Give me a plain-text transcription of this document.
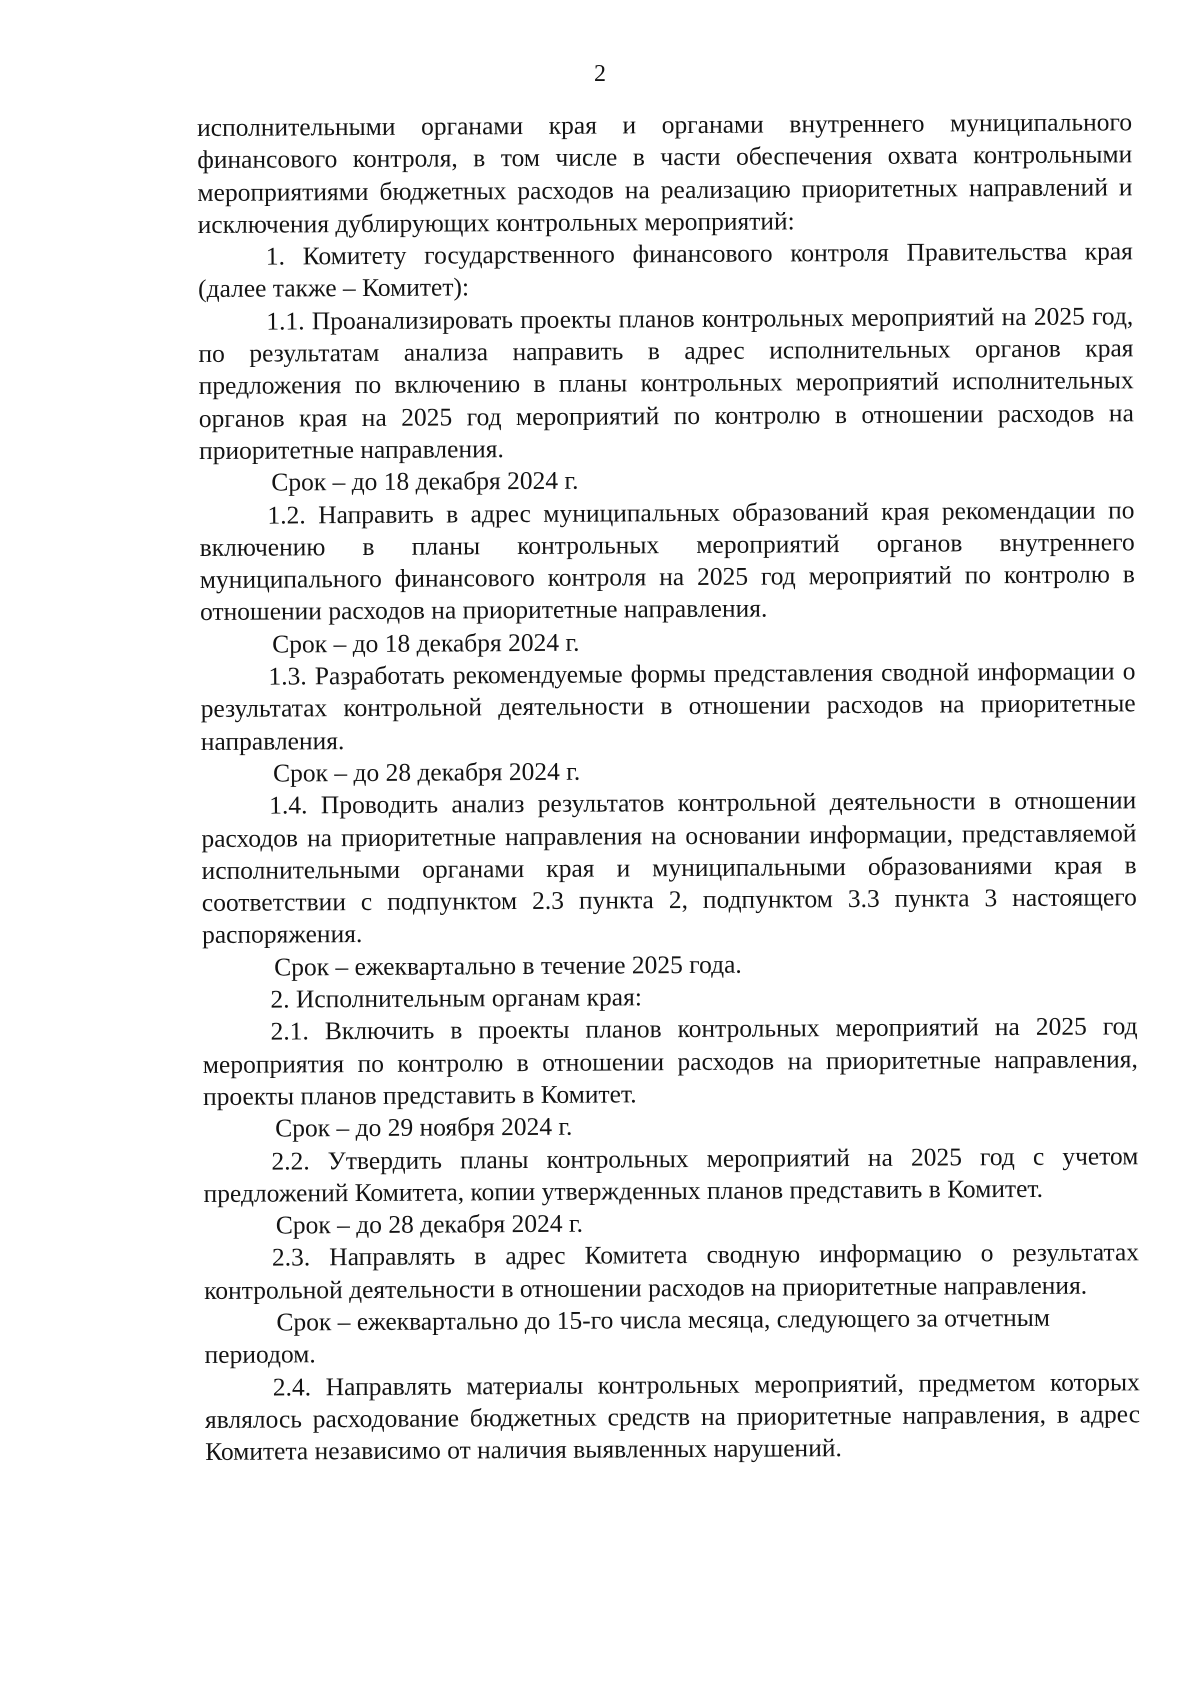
2

исполнительными органами края и органами внутреннего муниципального финансового контроля, в том числе в части обеспечения охвата контрольными мероприятиями бюджетных расходов на реализацию приоритетных направлений и исключения дублирующих контрольных мероприятий:

1. Комитету государственного финансового контроля Правительства края (далее также – Комитет):

1.1. Проанализировать проекты планов контрольных мероприятий на 2025 год, по результатам анализа направить в адрес исполнительных органов края предложения по включению в планы контрольных мероприятий исполнительных органов края на 2025 год мероприятий по контролю в отношении расходов на приоритетные направления.

Срок – до 18 декабря 2024 г.

1.2. Направить в адрес муниципальных образований края рекомендации по включению в планы контрольных мероприятий органов внутреннего муниципального финансового контроля на 2025 год мероприятий по контролю в отношении расходов на приоритетные направления.

Срок – до 18 декабря 2024 г.

1.3. Разработать рекомендуемые формы представления сводной информации о результатах контрольной деятельности в отношении расходов на приоритетные направления.

Срок – до 28 декабря 2024 г.

1.4. Проводить анализ результатов контрольной деятельности в отношении расходов на приоритетные направления на основании информации, представляемой исполнительными органами края и муниципальными образованиями края в соответствии с подпунктом 2.3 пункта 2, подпунктом 3.3 пункта 3 настоящего распоряжения.

Срок – ежеквартально в течение 2025 года.

2. Исполнительным органам края:

2.1. Включить в проекты планов контрольных мероприятий на 2025 год мероприятия по контролю в отношении расходов на приоритетные направления, проекты планов представить в Комитет.

Срок – до 29 ноября 2024 г.

2.2. Утвердить планы контрольных мероприятий на 2025 год с учетом предложений Комитета, копии утвержденных планов представить в Комитет.

Срок – до 28 декабря 2024 г.

2.3. Направлять в адрес Комитета сводную информацию о результатах контрольной деятельности в отношении расходов на приоритетные направления.

Срок – ежеквартально до 15-го числа месяца, следующего за отчетным периодом.

2.4. Направлять материалы контрольных мероприятий, предметом которых являлось расходование бюджетных средств на приоритетные направления, в адрес Комитета независимо от наличия выявленных нарушений.
